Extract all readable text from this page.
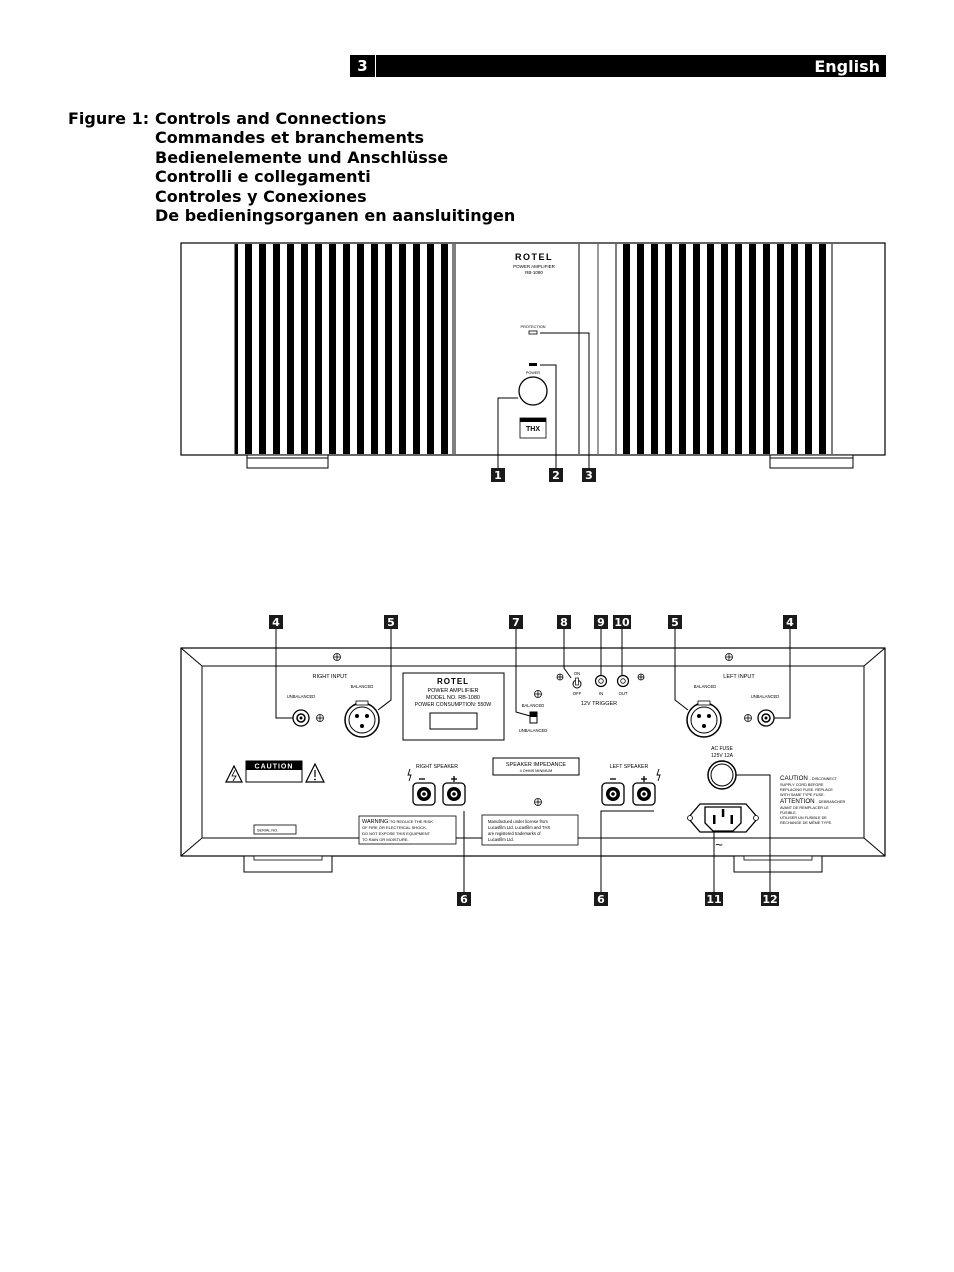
3	English
Figure 1: Controls and Connections
Commandes et branchements
Bedienelemente und Anschlüsse
Controlli e collegamenti
Controles y Conexiones
De bedieningsorganen en aansluitingen
ROTEL
POWER AMPLIFIER
RB-1080
PROTECTION
POWER
THX
1	2 3
4	5	7	8	9 10	5	4
RIGHT INPUT
BALANCED
UNBALANCED
LEFT INPUT
BALANCED
UNBALANCED
ROTEL
POWER AMPLIFIER
MODEL NO. RB-1080
POWER CONSUMPTION: 550W	BALANCED
UNBALANCED
ON
OFF	IN	OUT
12V TRIGGER
CAUTION	RIGHT SPEAKER	SPEAKER IMPEDANCE
4 OHMS MINIMUM
LEFT SPEAKER
AC FUSE
125V 12A
CAUTION - DISCONNECT
SUPPLY CORD BEFORE
REPLACING FUSE. REPLACE
WITH SAME TYPE FUSE.
ATTENTION - DEBRANCHER
AVANT DE REMPLACER LE
FUSIBLE.
UTILISER UN FUSIBLE DE
RECHANGE DE MÊME TYPE.
~
SERIAL NO.
WARNING:TO REDUCE THE RISK
OF FIRE OR ELECTRICAL SHOCK,
DO NOT EXPOSE THIS EQUIPMENT
TO RAIN OR MOISTURE.
Manufactued under license from
Lucasfilm Ltd. Lucasfilm and THX
are registered trademarks of
Lucasfilm Ltd.
6	6	11	12
